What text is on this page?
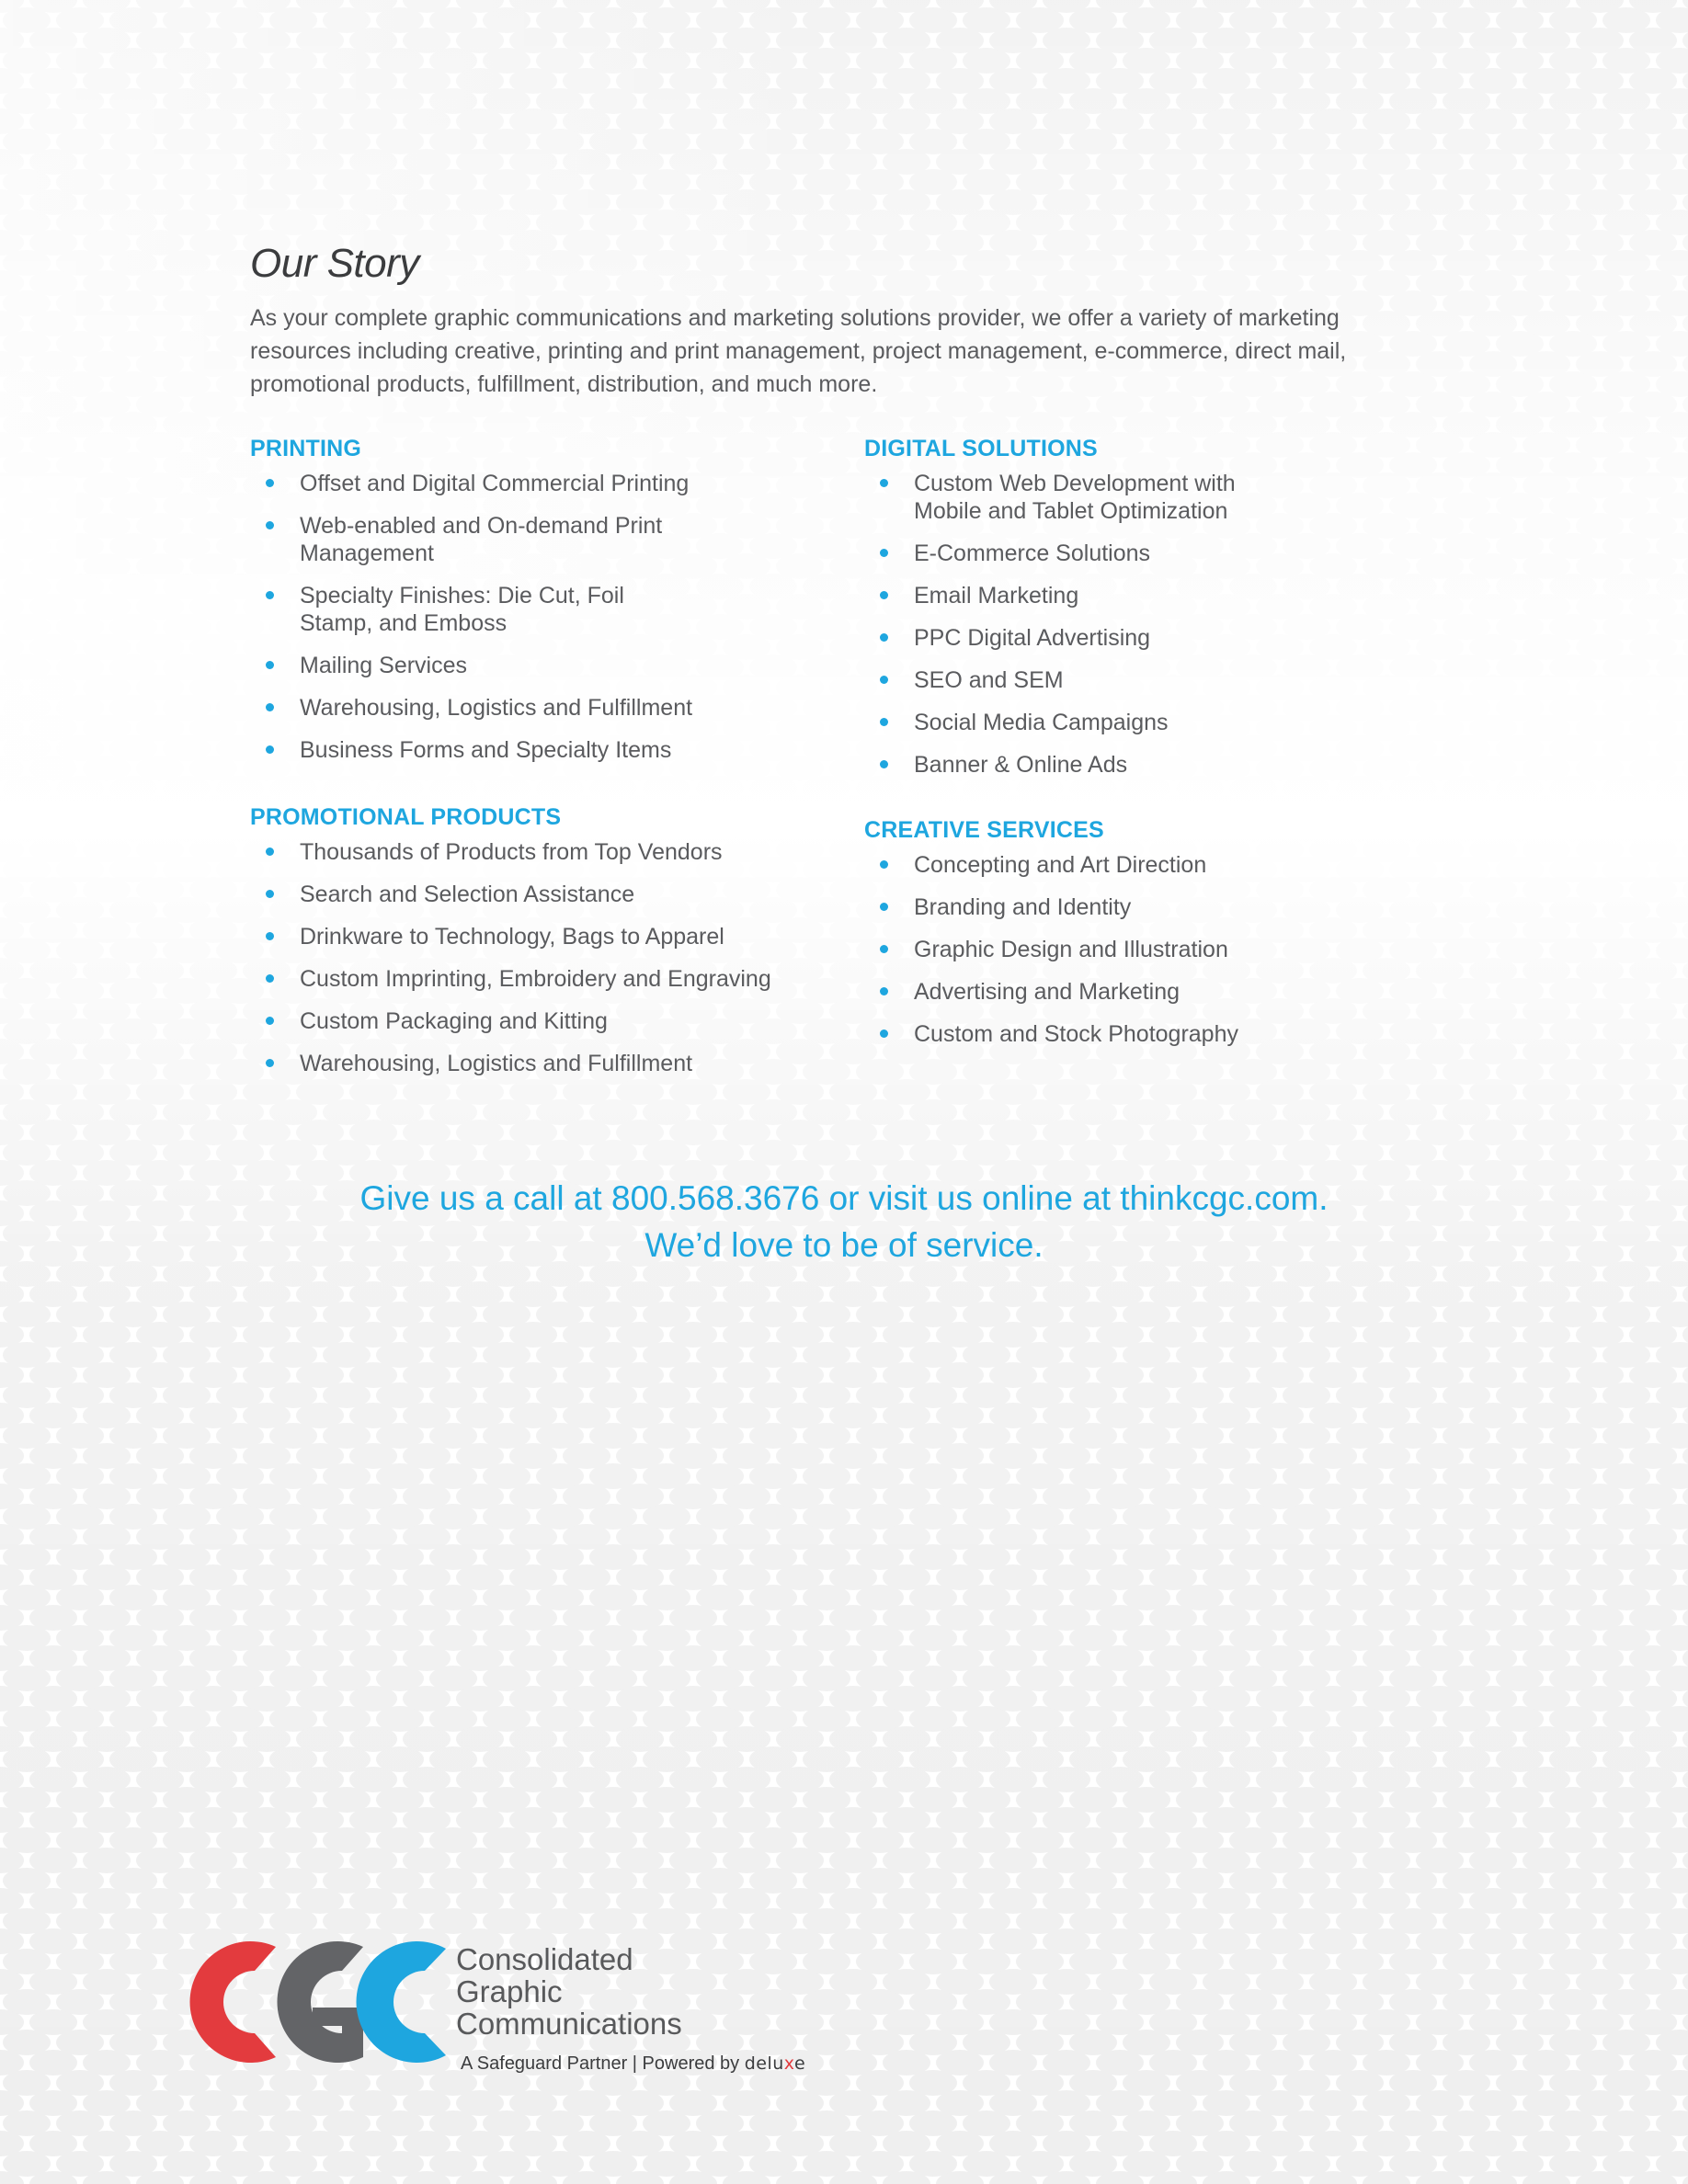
Our Story

As your complete graphic communications and marketing solutions provider, we offer a variety of marketing resources including creative, printing and print management, project management, e-commerce, direct mail, promotional products, fulfillment, distribution, and much more.

PRINTING
Offset and Digital Commercial Printing
Web-enabled and On-demand Print Management
Specialty Finishes: Die Cut, Foil Stamp, and Emboss
Mailing Services
Warehousing, Logistics and Fulfillment
Business Forms and Specialty Items
PROMOTIONAL PRODUCTS
Thousands of Products from Top Vendors
Search and Selection Assistance
Drinkware to Technology, Bags to Apparel
Custom Imprinting, Embroidery and Engraving
Custom Packaging and Kitting
Warehousing, Logistics and Fulfillment
DIGITAL SOLUTIONS
Custom Web Development with Mobile and Tablet Optimization
E-Commerce Solutions
Email Marketing
PPC Digital Advertising
SEO and SEM
Social Media Campaigns
Banner & Online Ads
CREATIVE SERVICES
Concepting and Art Direction
Branding and Identity
Graphic Design and Illustration
Advertising and Marketing
Custom and Stock Photography
Give us a call at 800.568.3676 or visit us online at thinkcgc.com.
We’d love to be of service.
Consolidated
Graphic
Communications
A Safeguard Partner | Powered by deluxe
